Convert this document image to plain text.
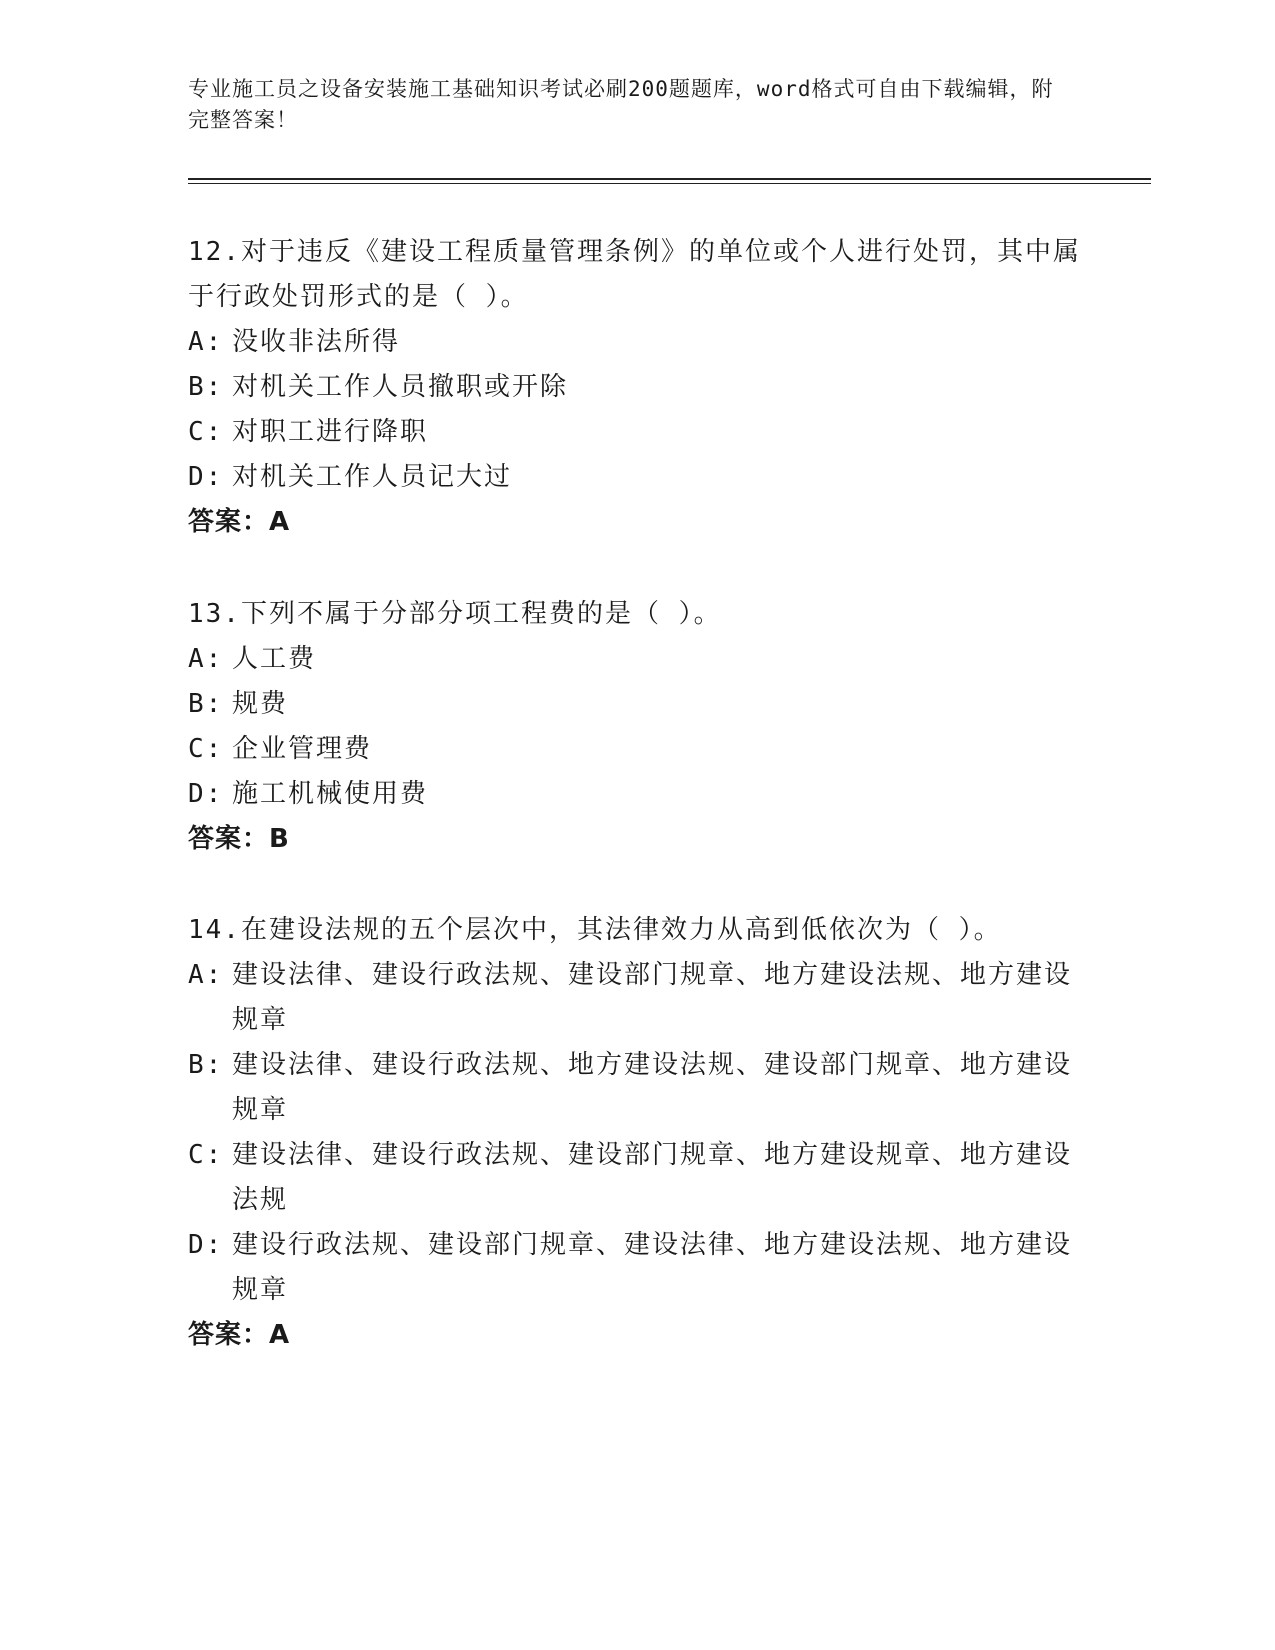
专业施工员之设备安装施工基础知识考试必刷200题题库，word格式可自由下载编辑，附完整答案！
12.对于违反《建设工程质量管理条例》的单位或个人进行处罚，其中属于行政处罚形式的是（ ）。
A: 没收非法所得
B: 对机关工作人员撤职或开除
C: 对职工进行降职
D: 对机关工作人员记大过
答案：A
13.下列不属于分部分项工程费的是（ ）。
A: 人工费
B: 规费
C: 企业管理费
D: 施工机械使用费
答案：B
14.在建设法规的五个层次中，其法律效力从高到低依次为（ ）。
A: 建设法律、建设行政法规、建设部门规章、地方建设法规、地方建设规章
B: 建设法律、建设行政法规、地方建设法规、建设部门规章、地方建设规章
C: 建设法律、建设行政法规、建设部门规章、地方建设规章、地方建设法规
D: 建设行政法规、建设部门规章、建设法律、地方建设法规、地方建设规章
答案：A
